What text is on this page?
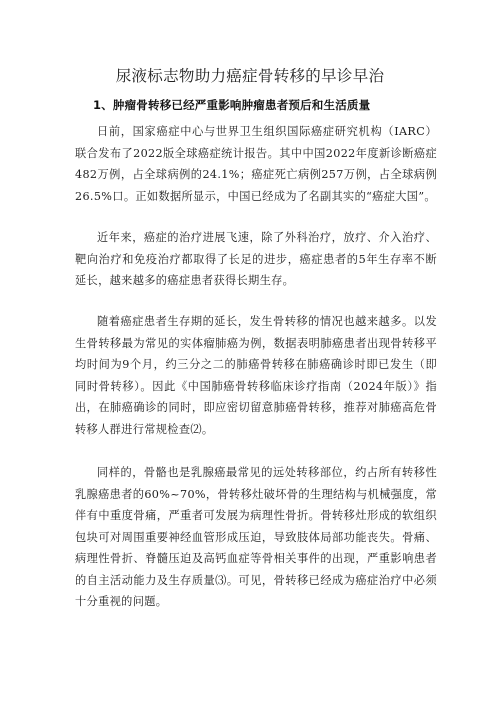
尿液标志物助力癌症骨转移的早诊早治
1、肿瘤骨转移已经严重影响肿瘤患者预后和生活质量

日前，国家癌症中心与世界卫生组织国际癌症研究机构（IARC）联合发布了2022版全球癌症统计报告。其中中国2022年度新诊断癌症482万例，占全球病例的24.1%；癌症死亡病例257万例，占全球病例26.5%口。正如数据所显示，中国已经成为了名副其实的“癌症大国”。

近年来，癌症的治疗进展飞速，除了外科治疗，放疗、介入治疗、靶向治疗和免疫治疗都取得了长足的进步，癌症患者的5年生存率不断延长，越来越多的癌症患者获得长期生存。

随着癌症患者生存期的延长，发生骨转移的情况也越来越多。以发生骨转移最为常见的实体瘤肺癌为例，数据表明肺癌患者出现骨转移平均时间为9个月，约三分之二的肺癌骨转移在肺癌确诊时即已发生（即同时骨转移）。因此《中国肺癌骨转移临床诊疗指南（2024年版）》指出，在肺癌确诊的同时，即应密切留意肺癌骨转移，推荐对肺癌高危骨转移人群进行常规检查⑵。

同样的，骨骼也是乳腺癌最常见的远处转移部位，约占所有转移性乳腺癌患者的60%~70%，骨转移灶破坏骨的生理结构与机械强度，常伴有中重度骨痛，严重者可发展为病理性骨折。骨转移灶形成的软组织包块可对周围重要神经血管形成压迫，导致肢体局部功能丧失。骨痛、病理性骨折、脊髓压迫及高钙血症等骨相关事件的出现，严重影响患者的自主活动能力及生存质量⑶。可见，骨转移已经成为癌症治疗中必须十分重视的问题。
